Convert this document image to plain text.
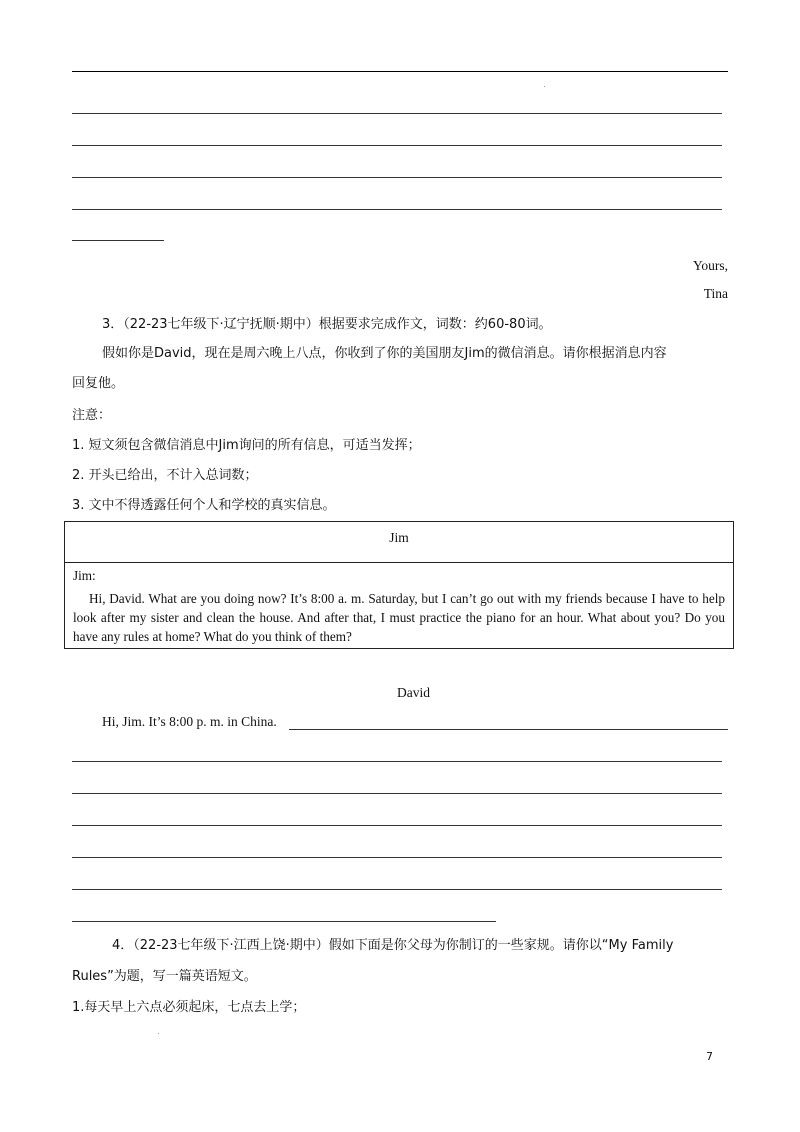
Yours,
Tina
3．（22-23七年级下·辽宁抚顺·期中）根据要求完成作文，词数：约60-80词。
假如你是David，现在是周六晚上八点，你收到了你的美国朋友Jim的微信消息。请你根据消息内容
回复他。
注意：
1. 短文须包含微信消息中Jim询问的所有信息，可适当发挥；
2. 开头已给出，不计入总词数；
3. 文中不得透露任何个人和学校的真实信息。
Jim
Jim:

Hi, David. What are you doing now? It’s 8:00 a. m. Saturday, but I can’t go out with my friends because I have to help look after my sister and clean the house. And after that, I must practice the piano for an hour. What about you? Do you have any rules at home? What do you think of them?

David
Hi, Jim. It’s 8:00 p. m. in China.
4．（22-23七年级下·江西上饶·期中）假如下面是你父母为你制订的一些家规。请你以“My Family
Rules”为题，写一篇英语短文。
1.每天早上六点必须起床，七点去上学；
7
